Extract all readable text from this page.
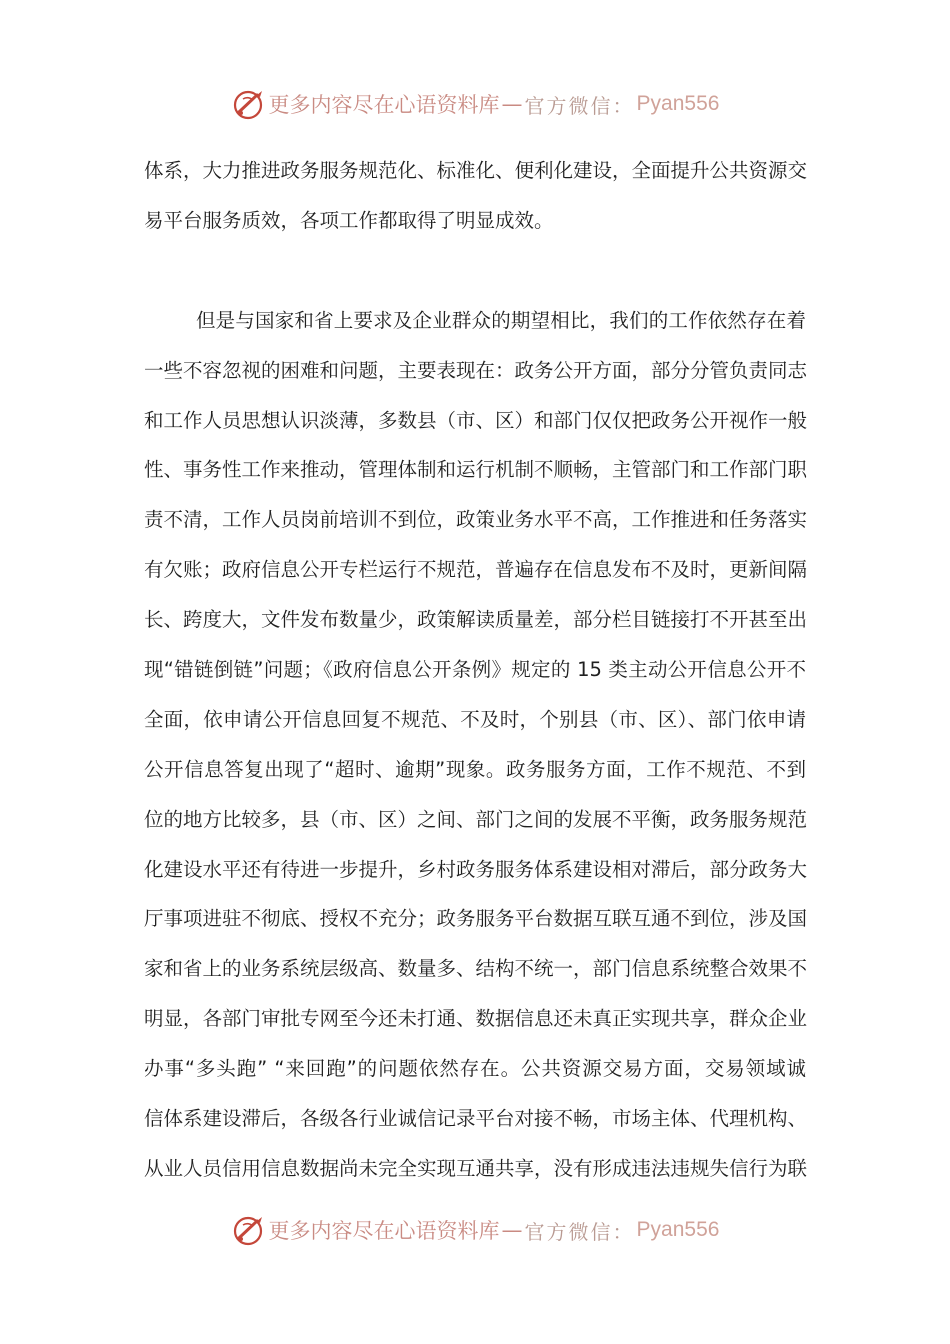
更多内容尽在心语资料库 — 官方微信： Pyan556
体系，大力推进政务服务规范化、标准化、便利化建设，全面提升公共资源交
易平台服务质效，各项工作都取得了明显成效。
但是与国家和省上要求及企业群众的期望相比，我们的工作依然存在着
一些不容忽视的困难和问题，主要表现在：政务公开方面，部分分管负责同志
和工作人员思想认识淡薄，多数县（市、区）和部门仅仅把政务公开视作一般
性、事务性工作来推动，管理体制和运行机制不顺畅，主管部门和工作部门职
责不清，工作人员岗前培训不到位，政策业务水平不高，工作推进和任务落实
有欠账；政府信息公开专栏运行不规范，普遍存在信息发布不及时，更新间隔
长、跨度大，文件发布数量少，政策解读质量差，部分栏目链接打不开甚至出
现“错链倒链”问题；《政府信息公开条例》规定的 15 类主动公开信息公开不
全面，依申请公开信息回复不规范、不及时，个别县（市、区）、部门依申请
公开信息答复出现了“超时、逾期”现象。政务服务方面，工作不规范、不到
位的地方比较多，县（市、区）之间、部门之间的发展不平衡，政务服务规范
化建设水平还有待进一步提升，乡村政务服务体系建设相对滞后，部分政务大
厅事项进驻不彻底、授权不充分；政务服务平台数据互联互通不到位，涉及国
家和省上的业务系统层级高、数量多、结构不统一，部门信息系统整合效果不
明显，各部门审批专网至今还未打通、数据信息还未真正实现共享，群众企业
办事“多头跑” “来回跑”的问题依然存在。公共资源交易方面，交易领域诚
信体系建设滞后，各级各行业诚信记录平台对接不畅，市场主体、代理机构、
从业人员信用信息数据尚未完全实现互通共享，没有形成违法违规失信行为联
更多内容尽在心语资料库 — 官方微信： Pyan556
